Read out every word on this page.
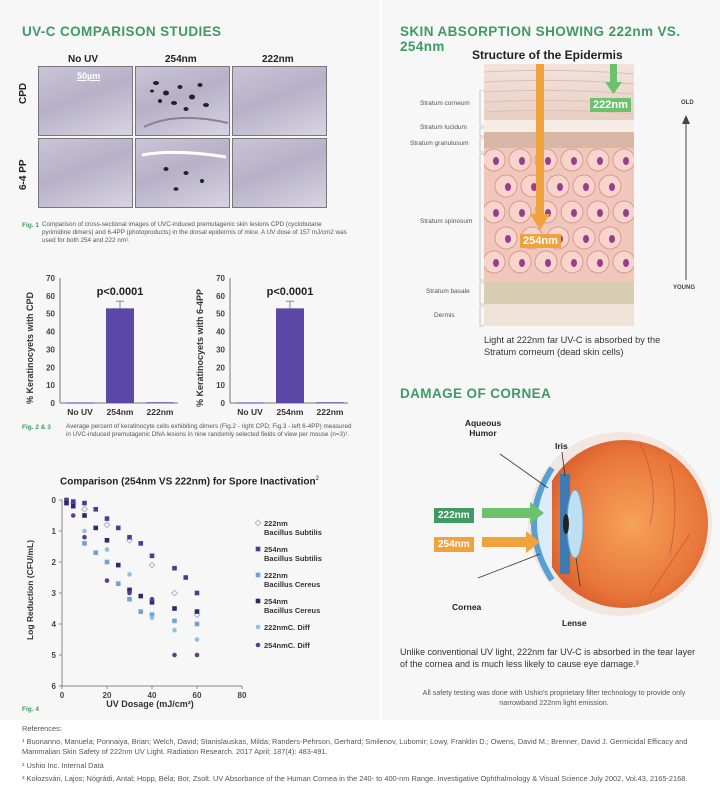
UV-C COMPARISON STUDIES
No UV	254nm	222nm
CPD
6-4 PP
50µm
Fig. 1 Comparison of cross-sectional images of UVC-induced premutagenic skin lesions CPD (cyclobutane pyrimidine dimers) and 6-4PP (photoproducts) in the dorsal epidermis of mice. A UV dose of 157 mJ/cm2 was used for both 254 and 222 nm¹.
% Keratinocyets with CPD 0
10
20
30
40
50
60
70
p<0.0001
No UV 254nm 222nm
% Keratinocyets with 6-4PP 0
10
20
30
40
50
60
70
p<0.0001
No UV 254nm 222nm
Fig. 2 & 3 Average percent of keratinocyte cells exhibiting dimers (Fig.2 - right CPD; Fig.3 - left 6-4PP) measured in UVC-induced premutagenic DNA lesions in nine randomly selected fields of view per mouse (n=3)¹.
Comparison (254nm VS 222nm) for Spore Inactivation$^2$
Log Reduction (CFU/mL)
0
1
2
3
4
5
6
0	20	40	60	80
222nm
Bacillus Subtilis
254nm
Bacillus Subtilis
222nm
Bacillus Cereus
254nm
Bacillus Cereus
222nmC. Diff
254nmC. Diff
UV Dosage (mJ/cm²)
Fig. 4
SKIN ABSORPTION SHOWING 222nm VS. 254nm
Structure of the Epidermis
254nm
222nm
Stratum corneum
Stratum lucidum
Stratum granulosum
Stratum spinosum
Stratum basale
Dermis
OLD
YOUNG
Light at 222nm far UV-C is absorbed by the Stratum corneum (dead skin cells)
DAMAGE OF CORNEA
Aqueous Humor
Iris
Cornea
Lense
222nm
254nm
Unlike conventional UV light, 222nm far UV-C is absorbed in the tear layer of the cornea and is much less likely to cause eye damage.³
All safety testing was done with Ushio's proprietary filter technology to provide only narrowband 222nm light emission.
References:
¹ Buonanno, Manuela; Ponnaiya, Brian; Welch, David; Stanislauskas, Milda; Randers-Pehrson, Gerhard; Smilenov, Lubomir; Lowy, Franklin D.; Owens, David M.; Brenner, David J. Germicidal Efficacy and Mammalian Skin Safety of 222nm UV Light. Radiation Research. 2017 April; 187(4): 483-491.
² Ushio Inc. Internal Data
³ Kolozsvári, Lajos; Nógrádi, Antal; Hopp, Béla; Bor, Zsolt. UV Absorbance of the Human Cornea in the 240- to 400-nm Range. Investigative Ophthalmology & Visual Science July 2002, Vol.43, 2165-2168.
